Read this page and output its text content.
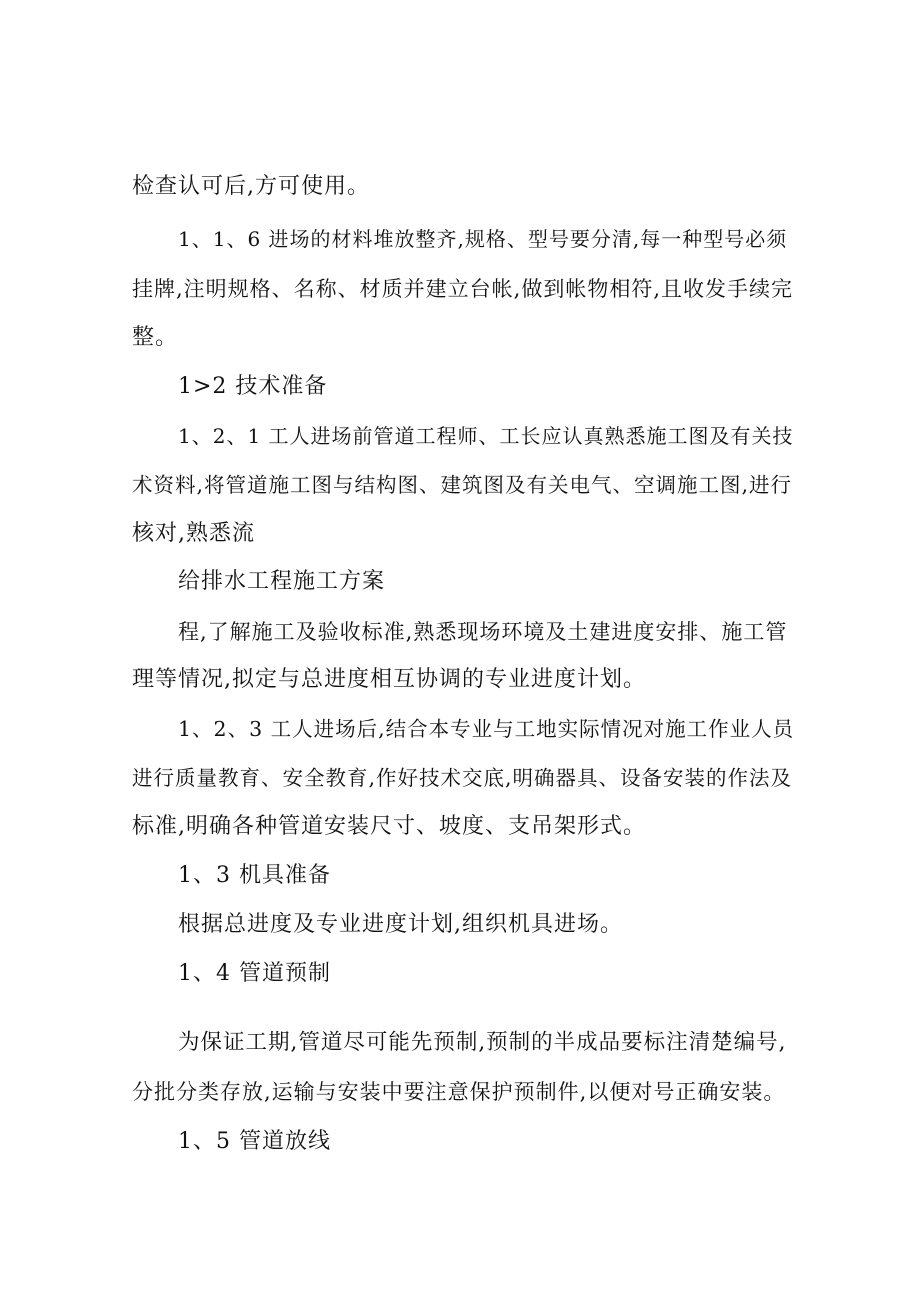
检查认可后,方可使用。

1、1、6 进场的材料堆放整齐,规格、型号要分清,每一种型号必须

挂牌,注明规格、名称、材质并建立台帐,做到帐物相符,且收发手续完

整。

1>2 技术准备

1、2、1 工人进场前管道工程师、工长应认真熟悉施工图及有关技

术资料,将管道施工图与结构图、建筑图及有关电气、空调施工图,进行

核对,熟悉流

给排水工程施工方案

程,了解施工及验收标准,熟悉现场环境及土建进度安排、施工管

理等情况,拟定与总进度相互协调的专业进度计划。

1、2、3 工人进场后,结合本专业与工地实际情况对施工作业人员

进行质量教育、安全教育,作好技术交底,明确器具、设备安装的作法及

标准,明确各种管道安装尺寸、坡度、支吊架形式。

1、3 机具准备

根据总进度及专业进度计划,组织机具进场。

1、4 管道预制

为保证工期,管道尽可能先预制,预制的半成品要标注清楚编号,

分批分类存放,运输与安装中要注意保护预制件,以便对号正确安装。

1、5 管道放线
